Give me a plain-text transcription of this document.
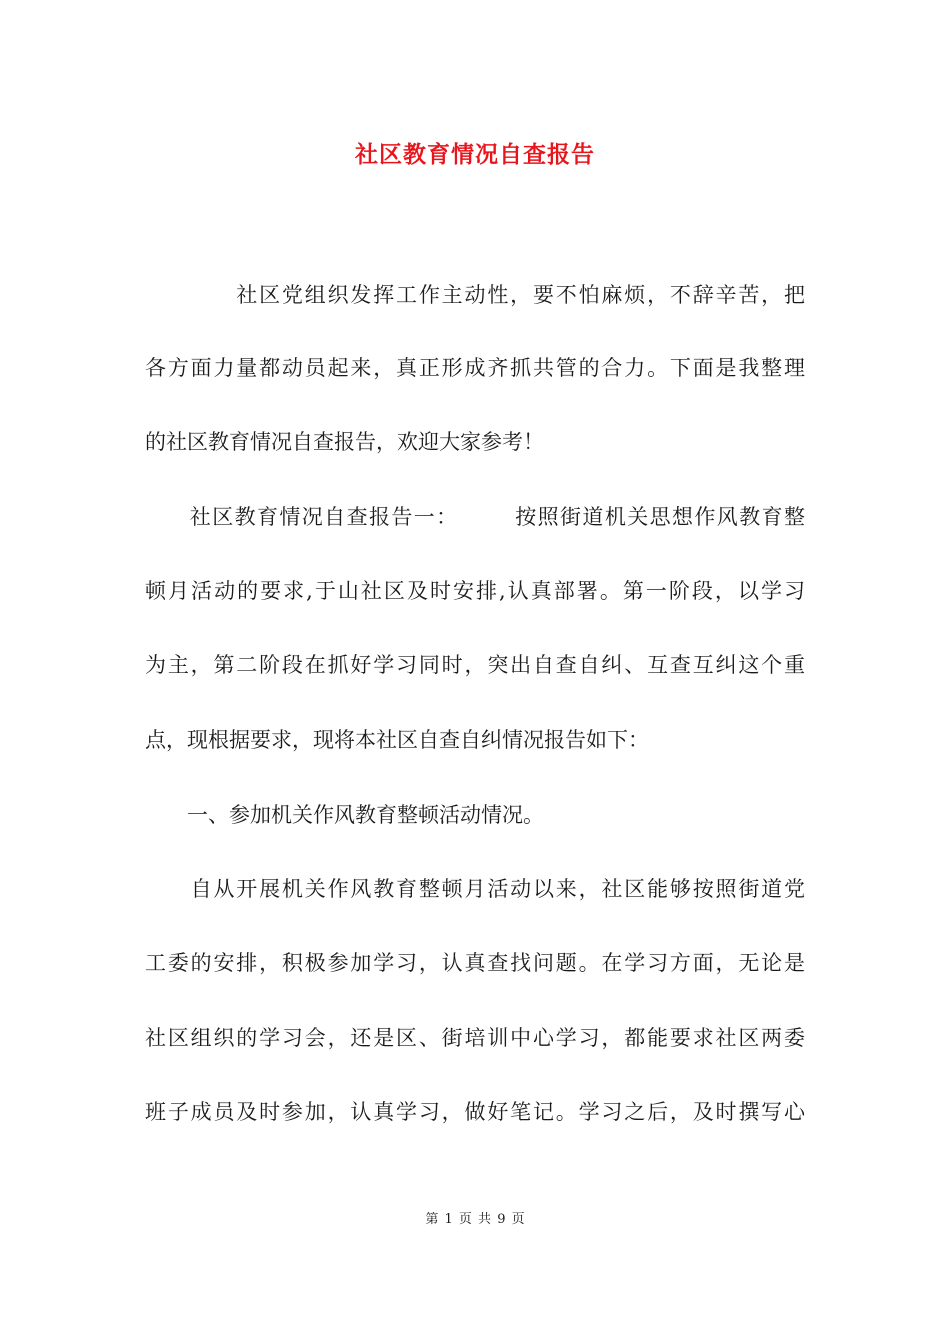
社区教育情况自查报告
　　　　社区党组织发挥工作主动性，要不怕麻烦，不辞辛苦，把
各方面力量都动员起来，真正形成齐抓共管的合力。下面是我整理
的社区教育情况自查报告，欢迎大家参考！
　　社区教育情况自查报告一：　　　按照街道机关思想作风教育整
顿月活动的要求,于山社区及时安排,认真部署。第一阶段，以学习
为主，第二阶段在抓好学习同时，突出自查自纠、互查互纠这个重
点，现根据要求，现将本社区自查自纠情况报告如下：
　　一、参加机关作风教育整顿活动情况。
　　自从开展机关作风教育整顿月活动以来，社区能够按照街道党
工委的安排，积极参加学习，认真查找问题。在学习方面，无论是
社区组织的学习会，还是区、街培训中心学习，都能要求社区两委
班子成员及时参加，认真学习，做好笔记。学习之后，及时撰写心
第 1 页 共 9 页
